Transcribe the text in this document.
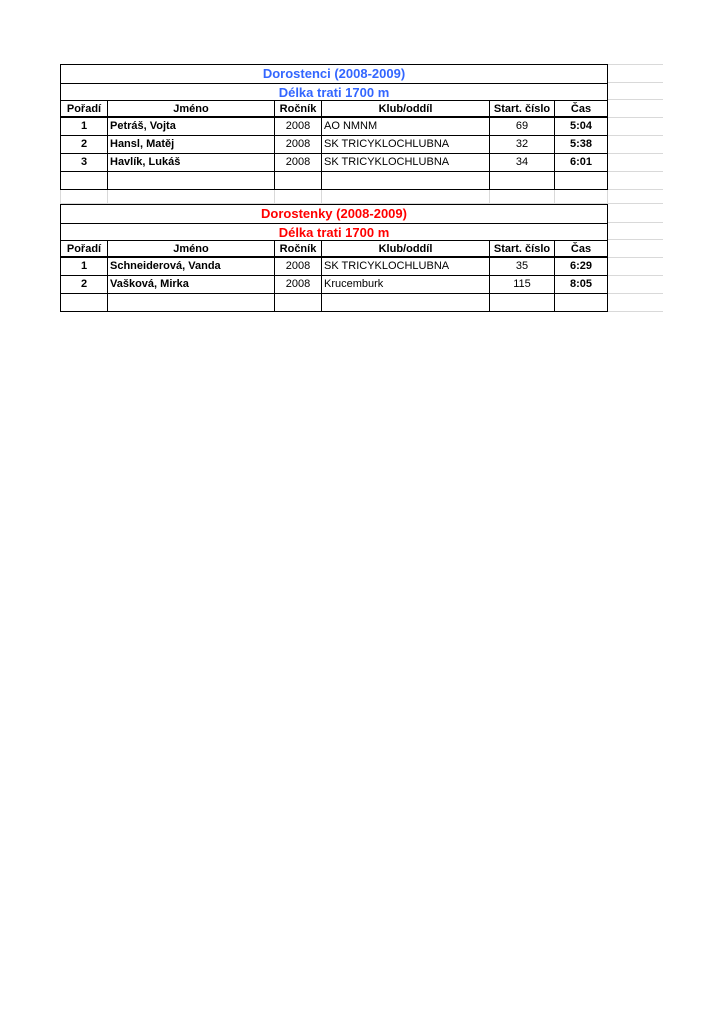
Dorostenci (2008-2009)
Délka trati 1700 m
Pořadí	Jméno	Ročník	Klub/oddíl	Start. číslo	Čas
1	Petráš, Vojta	2008	AO NMNM	69	5:04
2	Hansl, Matěj	2008	SK TRICYKLOCHLUBNA	32	5:38
3	Havlík, Lukáš	2008	SK TRICYKLOCHLUBNA	34	6:01
Dorostenky (2008-2009)
Délka trati 1700 m
Pořadí	Jméno	Ročník	Klub/oddíl	Start. číslo	Čas
1	Schneiderová, Vanda	2008	SK TRICYKLOCHLUBNA	35	6:29
2	Vašková, Mirka	2008	Krucemburk	115	8:05
